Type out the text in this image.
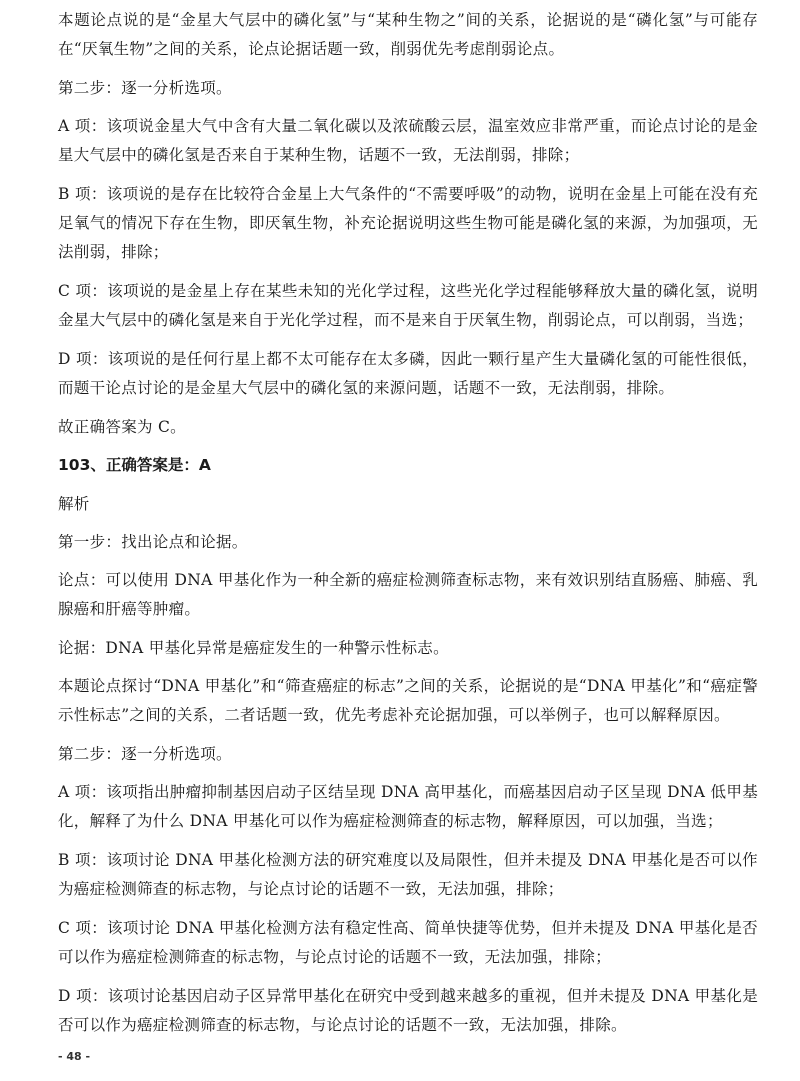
本题论点说的是“金星大气层中的磷化氢”与“某种生物之”间的关系，论据说的是“磷化氢”与可能存在“厌氧生物”之间的关系，论点论据话题一致，削弱优先考虑削弱论点。

第二步：逐一分析选项。

A 项：该项说金星大气中含有大量二氧化碳以及浓硫酸云层，温室效应非常严重，而论点讨论的是金星大气层中的磷化氢是否来自于某种生物，话题不一致，无法削弱，排除；

B 项：该项说的是存在比较符合金星上大气条件的“不需要呼吸”的动物，说明在金星上可能在没有充足氧气的情况下存在生物，即厌氧生物，补充论据说明这些生物可能是磷化氢的来源，为加强项，无法削弱，排除；

C 项：该项说的是金星上存在某些未知的光化学过程，这些光化学过程能够释放大量的磷化氢，说明金星大气层中的磷化氢是来自于光化学过程，而不是来自于厌氧生物，削弱论点，可以削弱，当选；

D 项：该项说的是任何行星上都不太可能存在太多磷，因此一颗行星产生大量磷化氢的可能性很低，而题干论点讨论的是金星大气层中的磷化氢的来源问题，话题不一致，无法削弱，排除。

故正确答案为 C。

103、正确答案是：A

解析

第一步：找出论点和论据。

论点：可以使用 DNA 甲基化作为一种全新的癌症检测筛查标志物，来有效识别结直肠癌、肺癌、乳腺癌和肝癌等肿瘤。

论据：DNA 甲基化异常是癌症发生的一种警示性标志。

本题论点探讨“DNA 甲基化”和“筛查癌症的标志”之间的关系，论据说的是“DNA 甲基化”和“癌症警示性标志”之间的关系，二者话题一致，优先考虑补充论据加强，可以举例子，也可以解释原因。

第二步：逐一分析选项。

A 项：该项指出肿瘤抑制基因启动子区结呈现 DNA 高甲基化，而癌基因启动子区呈现 DNA 低甲基化，解释了为什么 DNA 甲基化可以作为癌症检测筛查的标志物，解释原因，可以加强，当选；

B 项：该项讨论 DNA 甲基化检测方法的研究难度以及局限性，但并未提及 DNA 甲基化是否可以作为癌症检测筛查的标志物，与论点讨论的话题不一致，无法加强，排除；

C 项：该项讨论 DNA 甲基化检测方法有稳定性高、简单快捷等优势，但并未提及 DNA 甲基化是否可以作为癌症检测筛查的标志物，与论点讨论的话题不一致，无法加强，排除；

D 项：该项讨论基因启动子区异常甲基化在研究中受到越来越多的重视，但并未提及 DNA 甲基化是否可以作为癌症检测筛查的标志物，与论点讨论的话题不一致，无法加强，排除。

- 48 -
